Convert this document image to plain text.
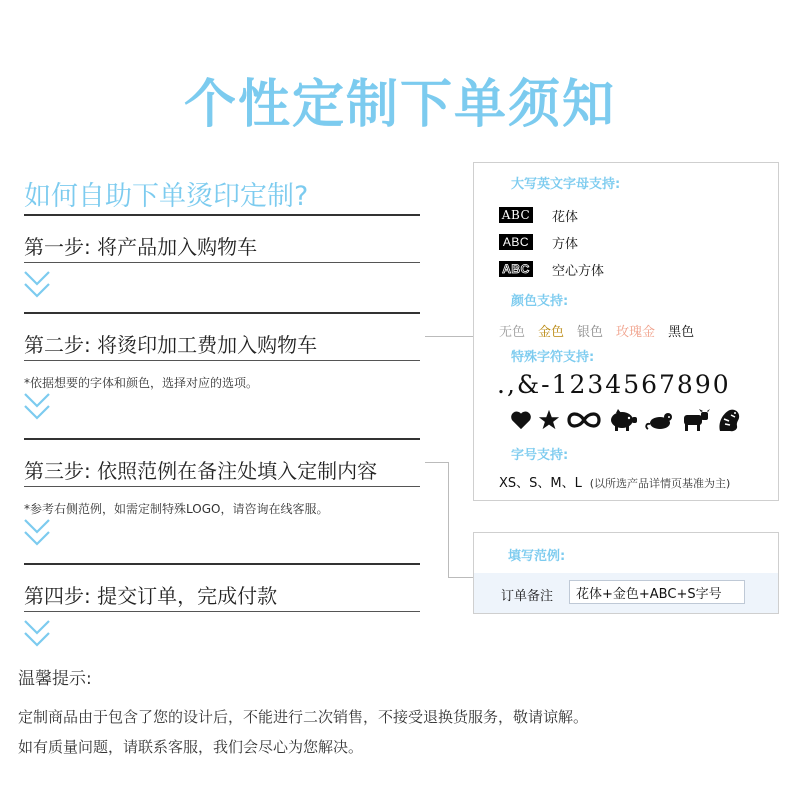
个性定制下单须知
如何自助下单烫印定制?
第一步: 将产品加入购物车
第二步: 将烫印加工费加入购物车
*依据想要的字体和颜色，选择对应的选项。
第三步: 依照范例在备注处填入定制内容
*参考右侧范例，如需定制特殊LOGO，请咨询在线客服。
第四步: 提交订单，完成付款
大写英文字母支持:
ABC 花体
ABC	方体
ABC 空心方体
颜色支持:
无色 金色 银色 玫瑰金 黑色
特殊字符支持:
.,&-1234567890
字号支持:
XS、S、M、L (以所选产品详情页基准为主)
填写范例:
订单备注	花体+金色+ABC+S字号
温馨提示:
定制商品由于包含了您的设计后，不能进行二次销售，不接受退换货服务，敬请谅解。
如有质量问题，请联系客服，我们会尽心为您解决。
